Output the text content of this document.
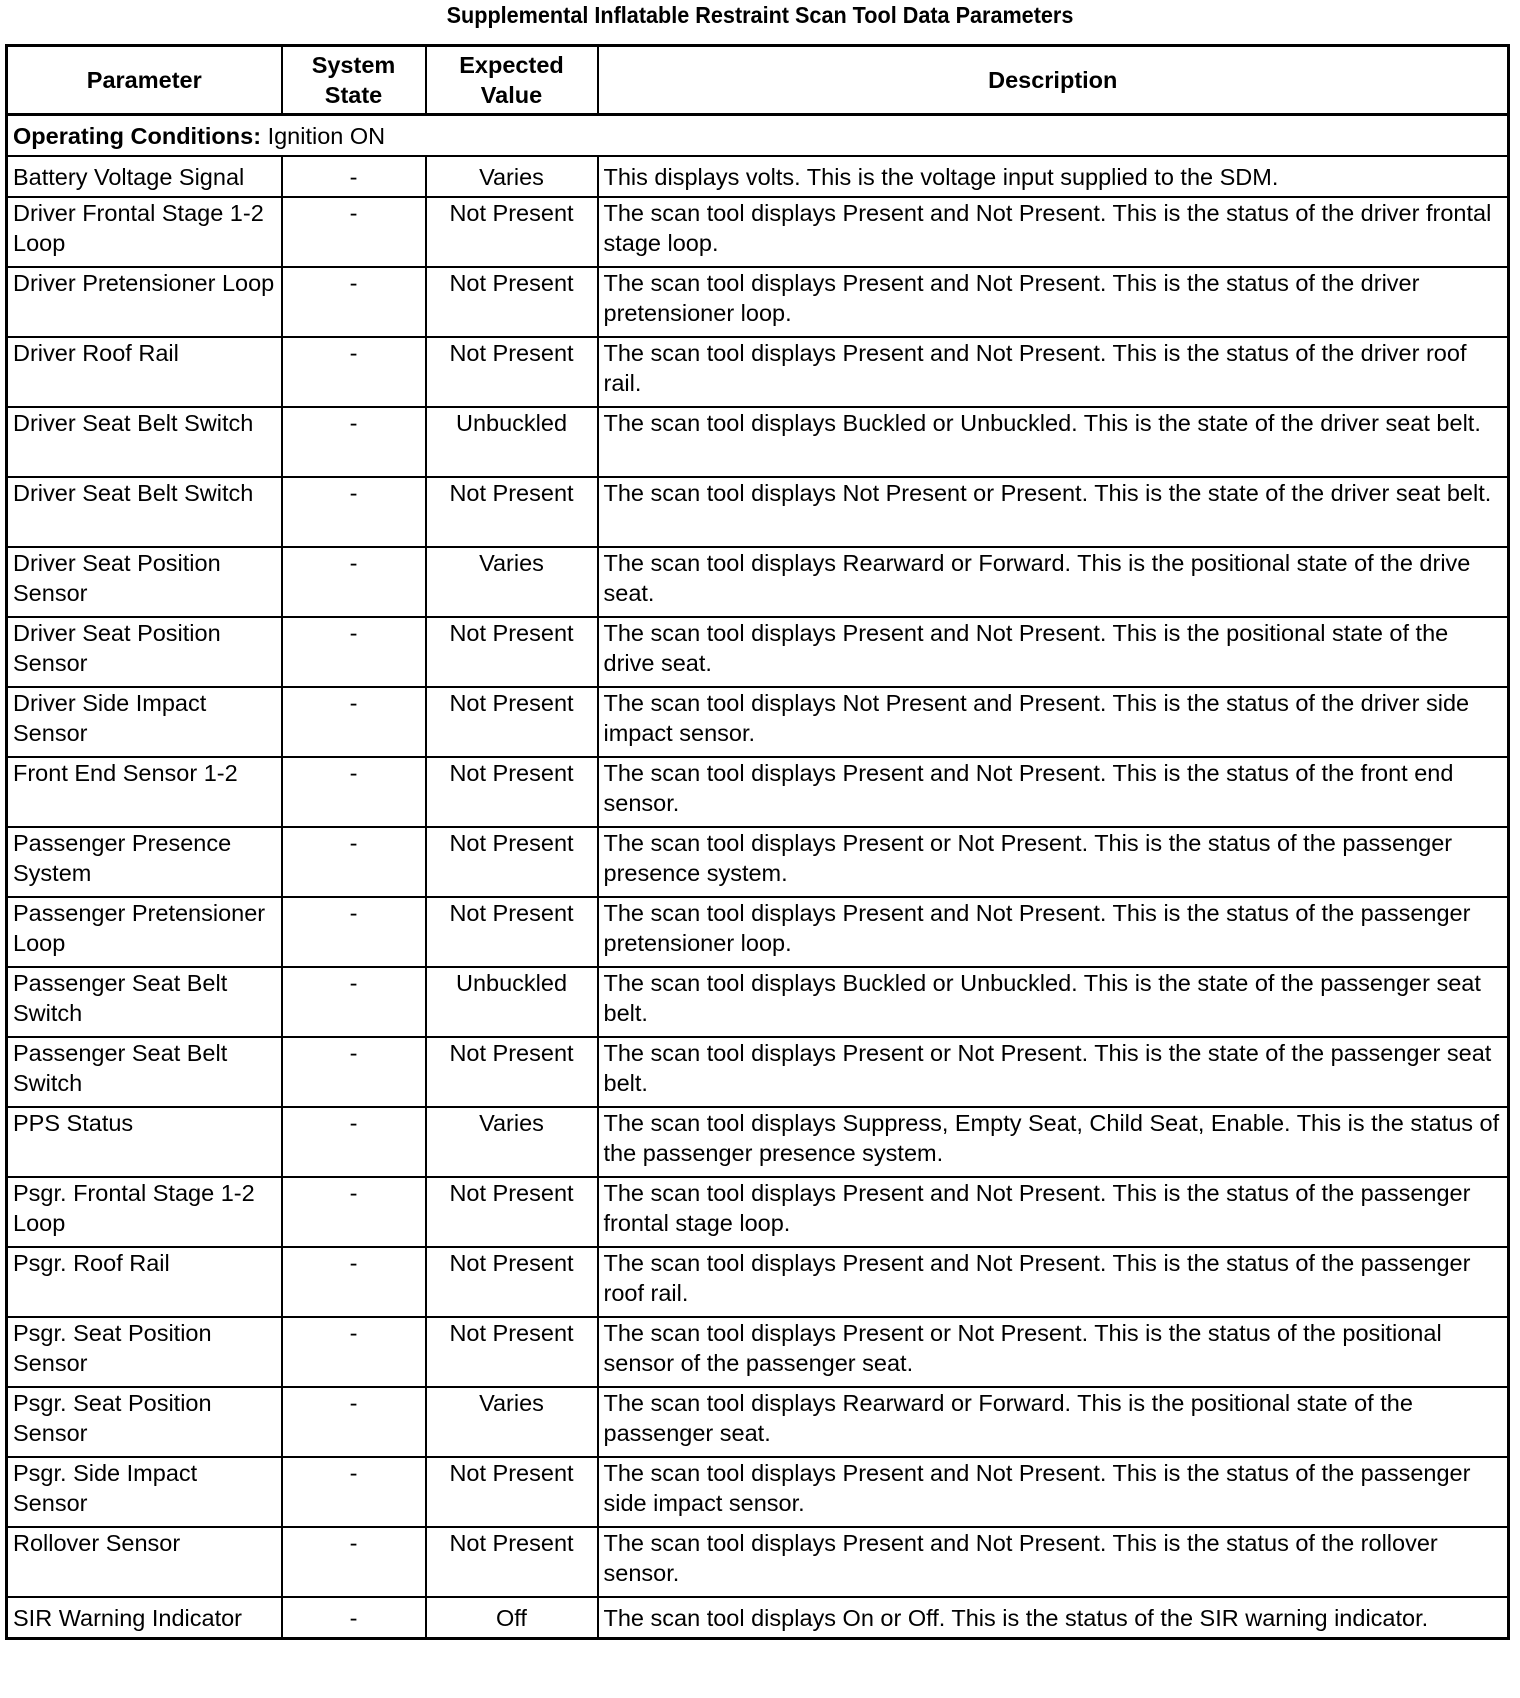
Supplemental Inflatable Restraint Scan Tool Data Parameters
Parameter	System State	Expected Value	Description
Operating Conditions: Ignition ON			
Battery Voltage Signal	-	Varies	This displays volts. This is the voltage input supplied to the SDM.
Driver Frontal Stage 1-2 Loop	-	Not Present	The scan tool displays Present and Not Present. This is the status of the driver frontal stage loop.
Driver Pretensioner Loop	-	Not Present	The scan tool displays Present and Not Present. This is the status of the driver pretensioner loop.
Driver Roof Rail	-	Not Present	The scan tool displays Present and Not Present. This is the status of the driver roof rail.
Driver Seat Belt Switch	-	Unbuckled	The scan tool displays Buckled or Unbuckled. This is the state of the driver seat belt.
Driver Seat Belt Switch	-	Not Present	The scan tool displays Not Present or Present. This is the state of the driver seat belt.
Driver Seat Position Sensor	-	Varies	The scan tool displays Rearward or Forward. This is the positional state of the drive seat.
Driver Seat Position Sensor	-	Not Present	The scan tool displays Present and Not Present. This is the positional state of the drive seat.
Driver Side Impact Sensor	-	Not Present	The scan tool displays Not Present and Present. This is the status of the driver side impact sensor.
Front End Sensor 1-2	-	Not Present	The scan tool displays Present and Not Present. This is the status of the front end sensor.
Passenger Presence System	-	Not Present	The scan tool displays Present or Not Present. This is the status of the passenger presence system.
Passenger Pretensioner Loop	-	Not Present	The scan tool displays Present and Not Present. This is the status of the passenger pretensioner loop.
Passenger Seat Belt Switch	-	Unbuckled	The scan tool displays Buckled or Unbuckled. This is the state of the passenger seat belt.
Passenger Seat Belt Switch	-	Not Present	The scan tool displays Present or Not Present. This is the state of the passenger seat belt.
PPS Status	-	Varies	The scan tool displays Suppress, Empty Seat, Child Seat, Enable. This is the status of the passenger presence system.
Psgr. Frontal Stage 1-2 Loop	-	Not Present	The scan tool displays Present and Not Present. This is the status of the passenger frontal stage loop.
Psgr. Roof Rail	-	Not Present	The scan tool displays Present and Not Present. This is the status of the passenger roof rail.
Psgr. Seat Position Sensor	-	Not Present	The scan tool displays Present or Not Present. This is the status of the positional sensor of the passenger seat.
Psgr. Seat Position Sensor	-	Varies	The scan tool displays Rearward or Forward. This is the positional state of the passenger seat.
Psgr. Side Impact Sensor	-	Not Present	The scan tool displays Present and Not Present. This is the status of the passenger side impact sensor.
Rollover Sensor	-	Not Present	The scan tool displays Present and Not Present. This is the status of the rollover sensor.
SIR Warning Indicator	-	Off	The scan tool displays On or Off. This is the status of the SIR warning indicator.
